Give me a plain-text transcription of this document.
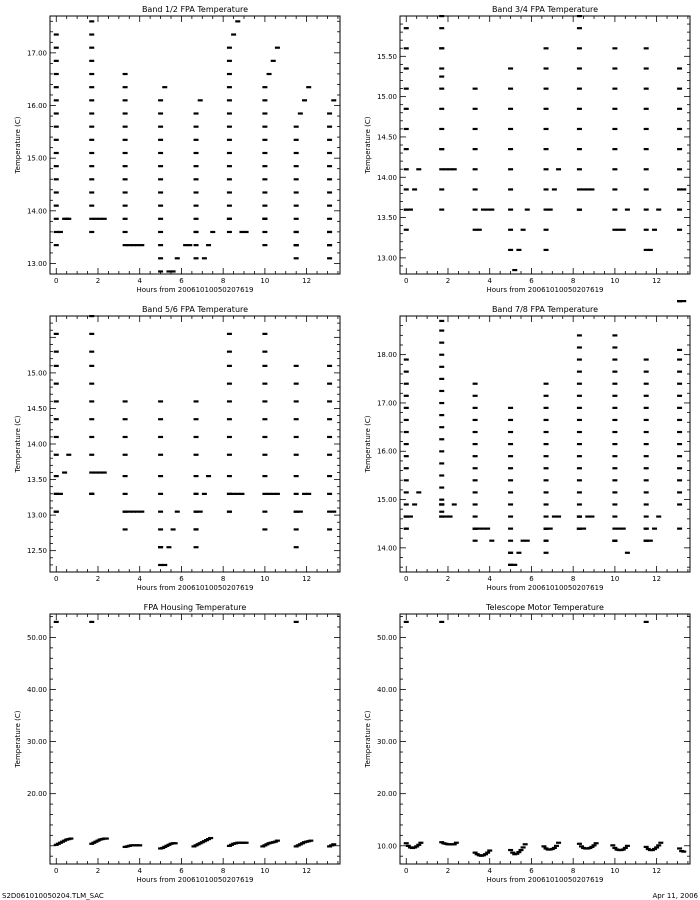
Band 1/2 FPA Temperature
0	2	4	6	8	10	12
13.00
14.00
15.00
16.00
17.00
Hours from 20061010050207619
Temperature (C)
Band 3/4 FPA Temperature
0	2	4	6	8	10	12
13.00
13.50
14.00
14.50
15.00
15.50
Hours from 20061010050207619
Temperature (C)
Band 5/6 FPA Temperature
0	2	4	6	8	10	12
12.50
13.00
13.50
14.00
14.50
15.00
Hours from 20061010050207619
Temperature (C)
Band 7/8 FPA Temperature
0	2	4	6	8	10	12
14.00
15.00
16.00
17.00
18.00
Hours from 20061010050207619
Temperature (C)
FPA Housing Temperature
0	2	4	6	8	10	12
20.00
30.00
40.00
50.00
Hours from 20061010050207619
Temperature (C)
Telescope Motor Temperature
0	2	4	6	8	10	12
10.00
20.00
30.00
40.00
50.00
Hours from 20061010050207619
Temperature (C)
S2D061010050204.TLM_SAC	Apr 11, 2006
